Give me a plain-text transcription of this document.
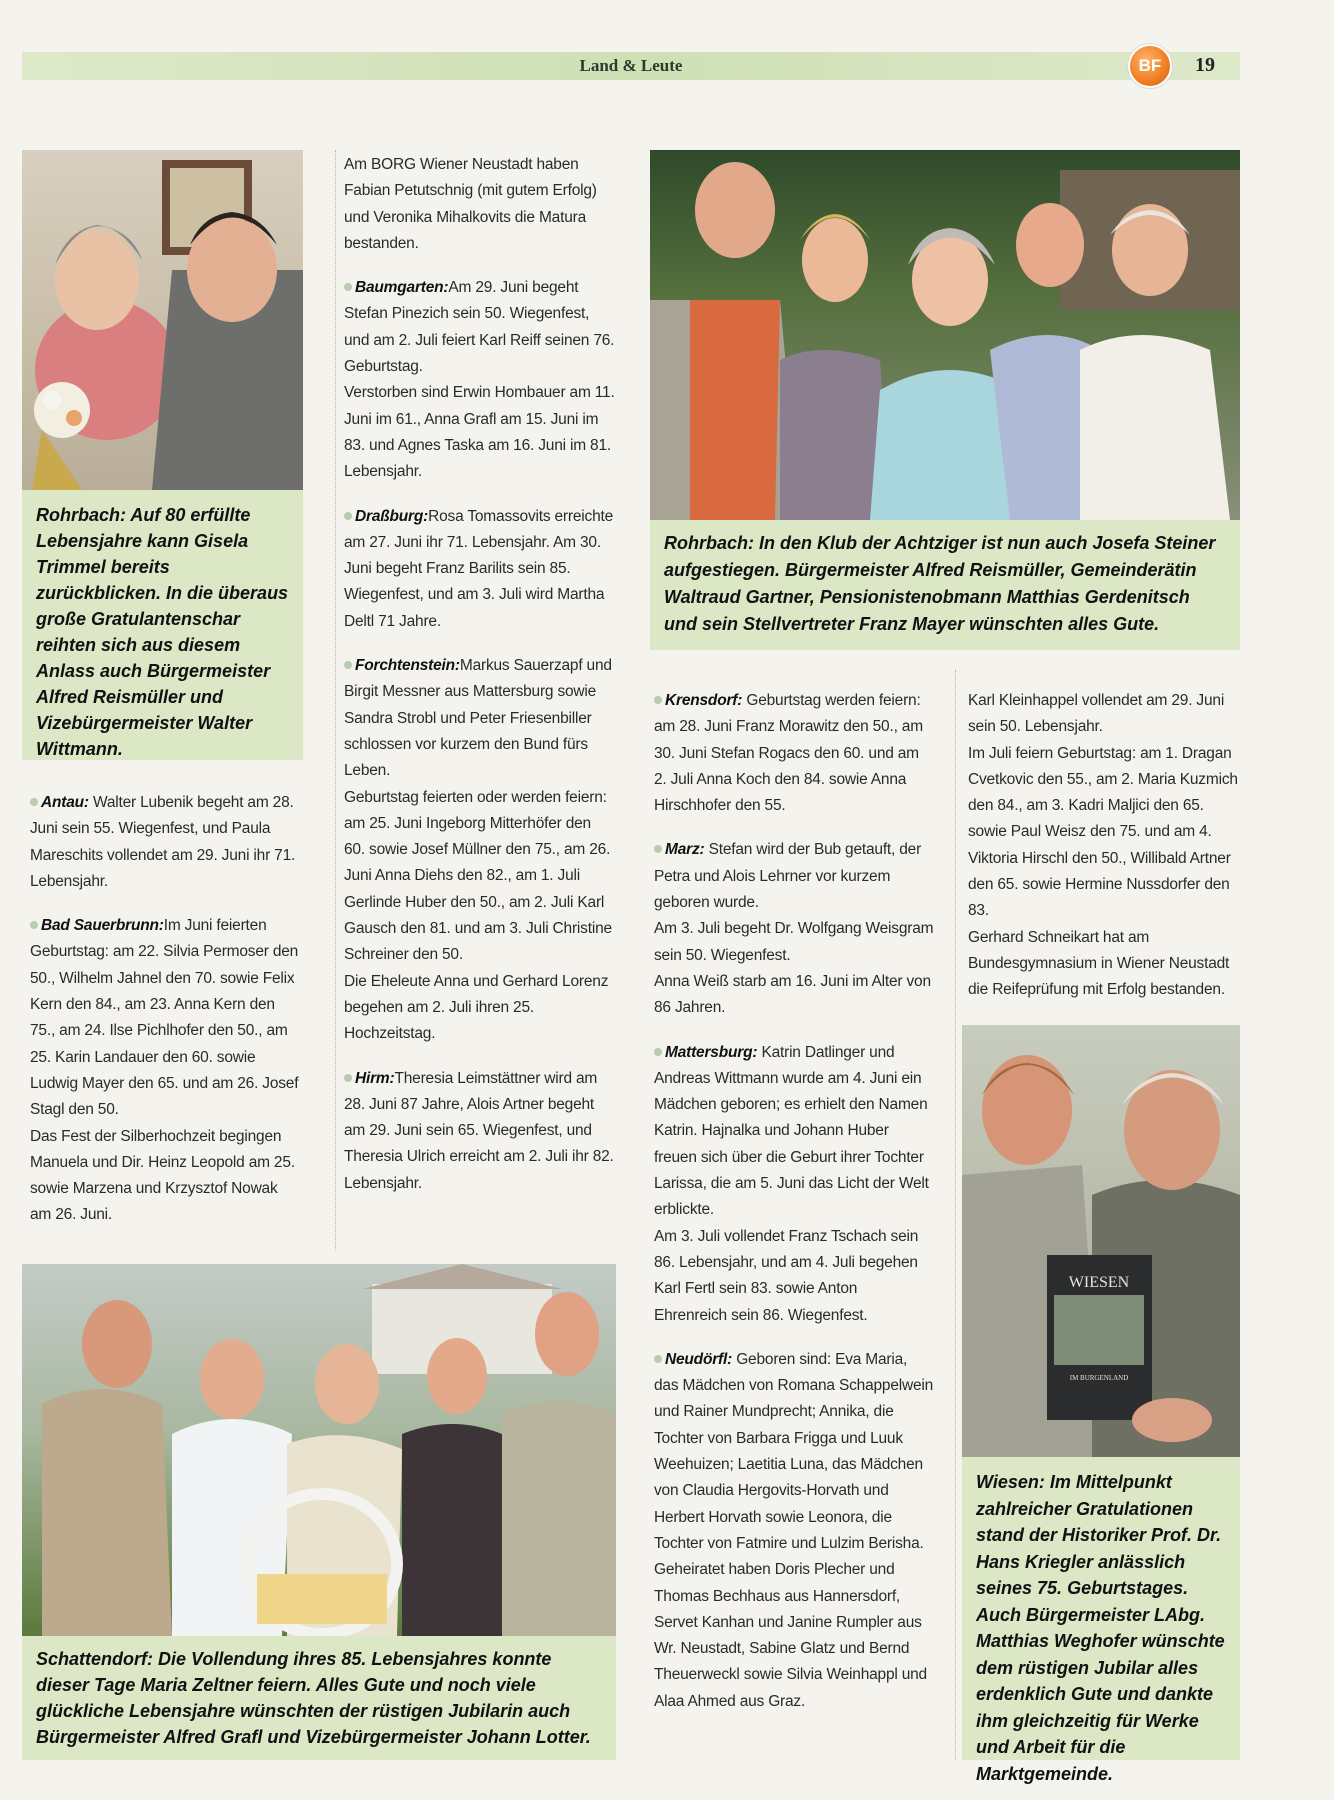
Land & Leute	BF	19
Rohrbach: Auf 80 erfüllte Lebensjahre kann Gisela Trimmel bereits zurückblicken. In die überaus große Gratulantenschar reihten sich aus diesem Anlass auch Bürgermeister Alfred Reismüller und Vizebürgermeister Walter Wittmann.

Antau: Walter Lubenik begeht am 28. Juni sein 55. Wiegenfest, und Paula Mareschits vollendet am 29. Juni ihr 71. Lebensjahr.

Bad Sauerbrunn:Im Juni feierten Geburtstag: am 22. Silvia Permoser den 50., Wilhelm Jahnel den 70. sowie Felix Kern den 84., am 23. Anna Kern den 75., am 24. Ilse Pichlhofer den 50., am 25. Karin Landauer den 60. sowie Ludwig Mayer den 65. und am 26. Josef Stagl den 50.
Das Fest der Silberhochzeit begingen Manuela und Dir. Heinz Leopold am 25. sowie Marzena und Krzysztof Nowak am 26. Juni.

Am BORG Wiener Neustadt haben Fabian Petutschnig (mit gutem Erfolg) und Veronika Mihalkovits die Matura bestanden.

Baumgarten:Am 29. Juni begeht Stefan Pinezich sein 50. Wiegenfest, und am 2. Juli feiert Karl Reiff seinen 76. Geburtstag.
Verstorben sind Erwin Hombauer am 11. Juni im 61., Anna Grafl am 15. Juni im 83. und Agnes Taska am 16. Juni im 81. Lebensjahr.

Draßburg:Rosa Tomassovits erreichte am 27. Juni ihr 71. Lebensjahr. Am 30. Juni begeht Franz Barilits sein 85. Wiegenfest, und am 3. Juli wird Martha Deltl 71 Jahre.

Forchtenstein:Markus Sauerzapf und Birgit Messner aus Mattersburg sowie Sandra Strobl und Peter Friesenbiller schlossen vor kurzem den Bund fürs Leben.
Geburtstag feierten oder werden feiern: am 25. Juni Ingeborg Mitterhöfer den 60. sowie Josef Müllner den 75., am 26. Juni Anna Diehs den 82., am 1. Juli Gerlinde Huber den 50., am 2. Juli Karl Gausch den 81. und am 3. Juli Christine Schreiner den 50.
Die Eheleute Anna und Gerhard Lorenz begehen am 2. Juli ihren 25. Hochzeitstag.

Hirm:Theresia Leimstättner wird am 28. Juni 87 Jahre, Alois Artner begeht am 29. Juni sein 65. Wiegenfest, und Theresia Ulrich erreicht am 2. Juli ihr 82. Lebensjahr.

Rohrbach: In den Klub der Achtziger ist nun auch Josefa Steiner aufgestiegen. Bürgermeister Alfred Reismüller, Gemeinderätin Waltraud Gartner, Pensionistenobmann Matthias Gerdenitsch und sein Stellvertreter Franz Mayer wünschten alles Gute.

Krensdorf: Geburtstag werden feiern: am 28. Juni Franz Morawitz den 50., am 30. Juni Stefan Rogacs den 60. und am 2. Juli Anna Koch den 84. sowie Anna Hirschhofer den 55.

Marz: Stefan wird der Bub getauft, der Petra und Alois Lehrner vor kurzem geboren wurde.
Am 3. Juli begeht Dr. Wolfgang Weisgram sein 50. Wiegenfest.
Anna Weiß starb am 16. Juni im Alter von 86 Jahren.

Mattersburg: Katrin Datlinger und Andreas Wittmann wurde am 4. Juni ein Mädchen geboren; es erhielt den Namen Katrin. Hajnalka und Johann Huber freuen sich über die Geburt ihrer Tochter Larissa, die am 5. Juni das Licht der Welt erblickte.
Am 3. Juli vollendet Franz Tschach sein 86. Lebensjahr, und am 4. Juli begehen Karl Fertl sein 83. sowie Anton Ehrenreich sein 86. Wiegenfest.

Neudörfl: Geboren sind: Eva Maria, das Mädchen von Romana Schappelwein und Rainer Mundprecht; Annika, die Tochter von Barbara Frigga und Luuk Weehuizen; Laetitia Luna, das Mädchen von Claudia Hergovits-Horvath und Herbert Horvath sowie Leonora, die Tochter von Fatmire und Lulzim Berisha.
Geheiratet haben Doris Plecher und Thomas Bechhaus aus Hannersdorf, Servet Kanhan und Janine Rumpler aus Wr. Neustadt, Sabine Glatz und Bernd Theuerweckl sowie Silvia Weinhappl und Alaa Ahmed aus Graz.

Karl Kleinhappel vollendet am 29. Juni sein 50. Lebensjahr.
Im Juli feiern Geburtstag: am 1. Dragan Cvetkovic den 55., am 2. Maria Kuzmich den 84., am 3. Kadri Maljici den 65. sowie Paul Weisz den 75. und am 4. Viktoria Hirschl den 50., Willibald Artner den 65. sowie Hermine Nussdorfer den 83.
Gerhard Schneikart hat am Bundesgymnasium in Wiener Neustadt die Reifeprüfung mit Erfolg bestanden.

WIESEN
IM BURGENLAND
Wiesen: Im Mittelpunkt zahlreicher Gratulationen stand der Historiker Prof. Dr. Hans Kriegler anlässlich seines 75. Geburtstages. Auch Bürgermeister LAbg. Matthias Weghofer wünschte dem rüstigen Jubilar alles erdenklich Gute und dankte ihm gleichzeitig für Werke und Arbeit für die Marktgemeinde.
Schattendorf: Die Vollendung ihres 85. Lebensjahres konnte dieser Tage Maria Zeltner feiern. Alles Gute und noch viele glückliche Lebensjahre wünschten der rüstigen Jubilarin auch Bürgermeister Alfred Grafl und Vizebürgermeister Johann Lotter.
